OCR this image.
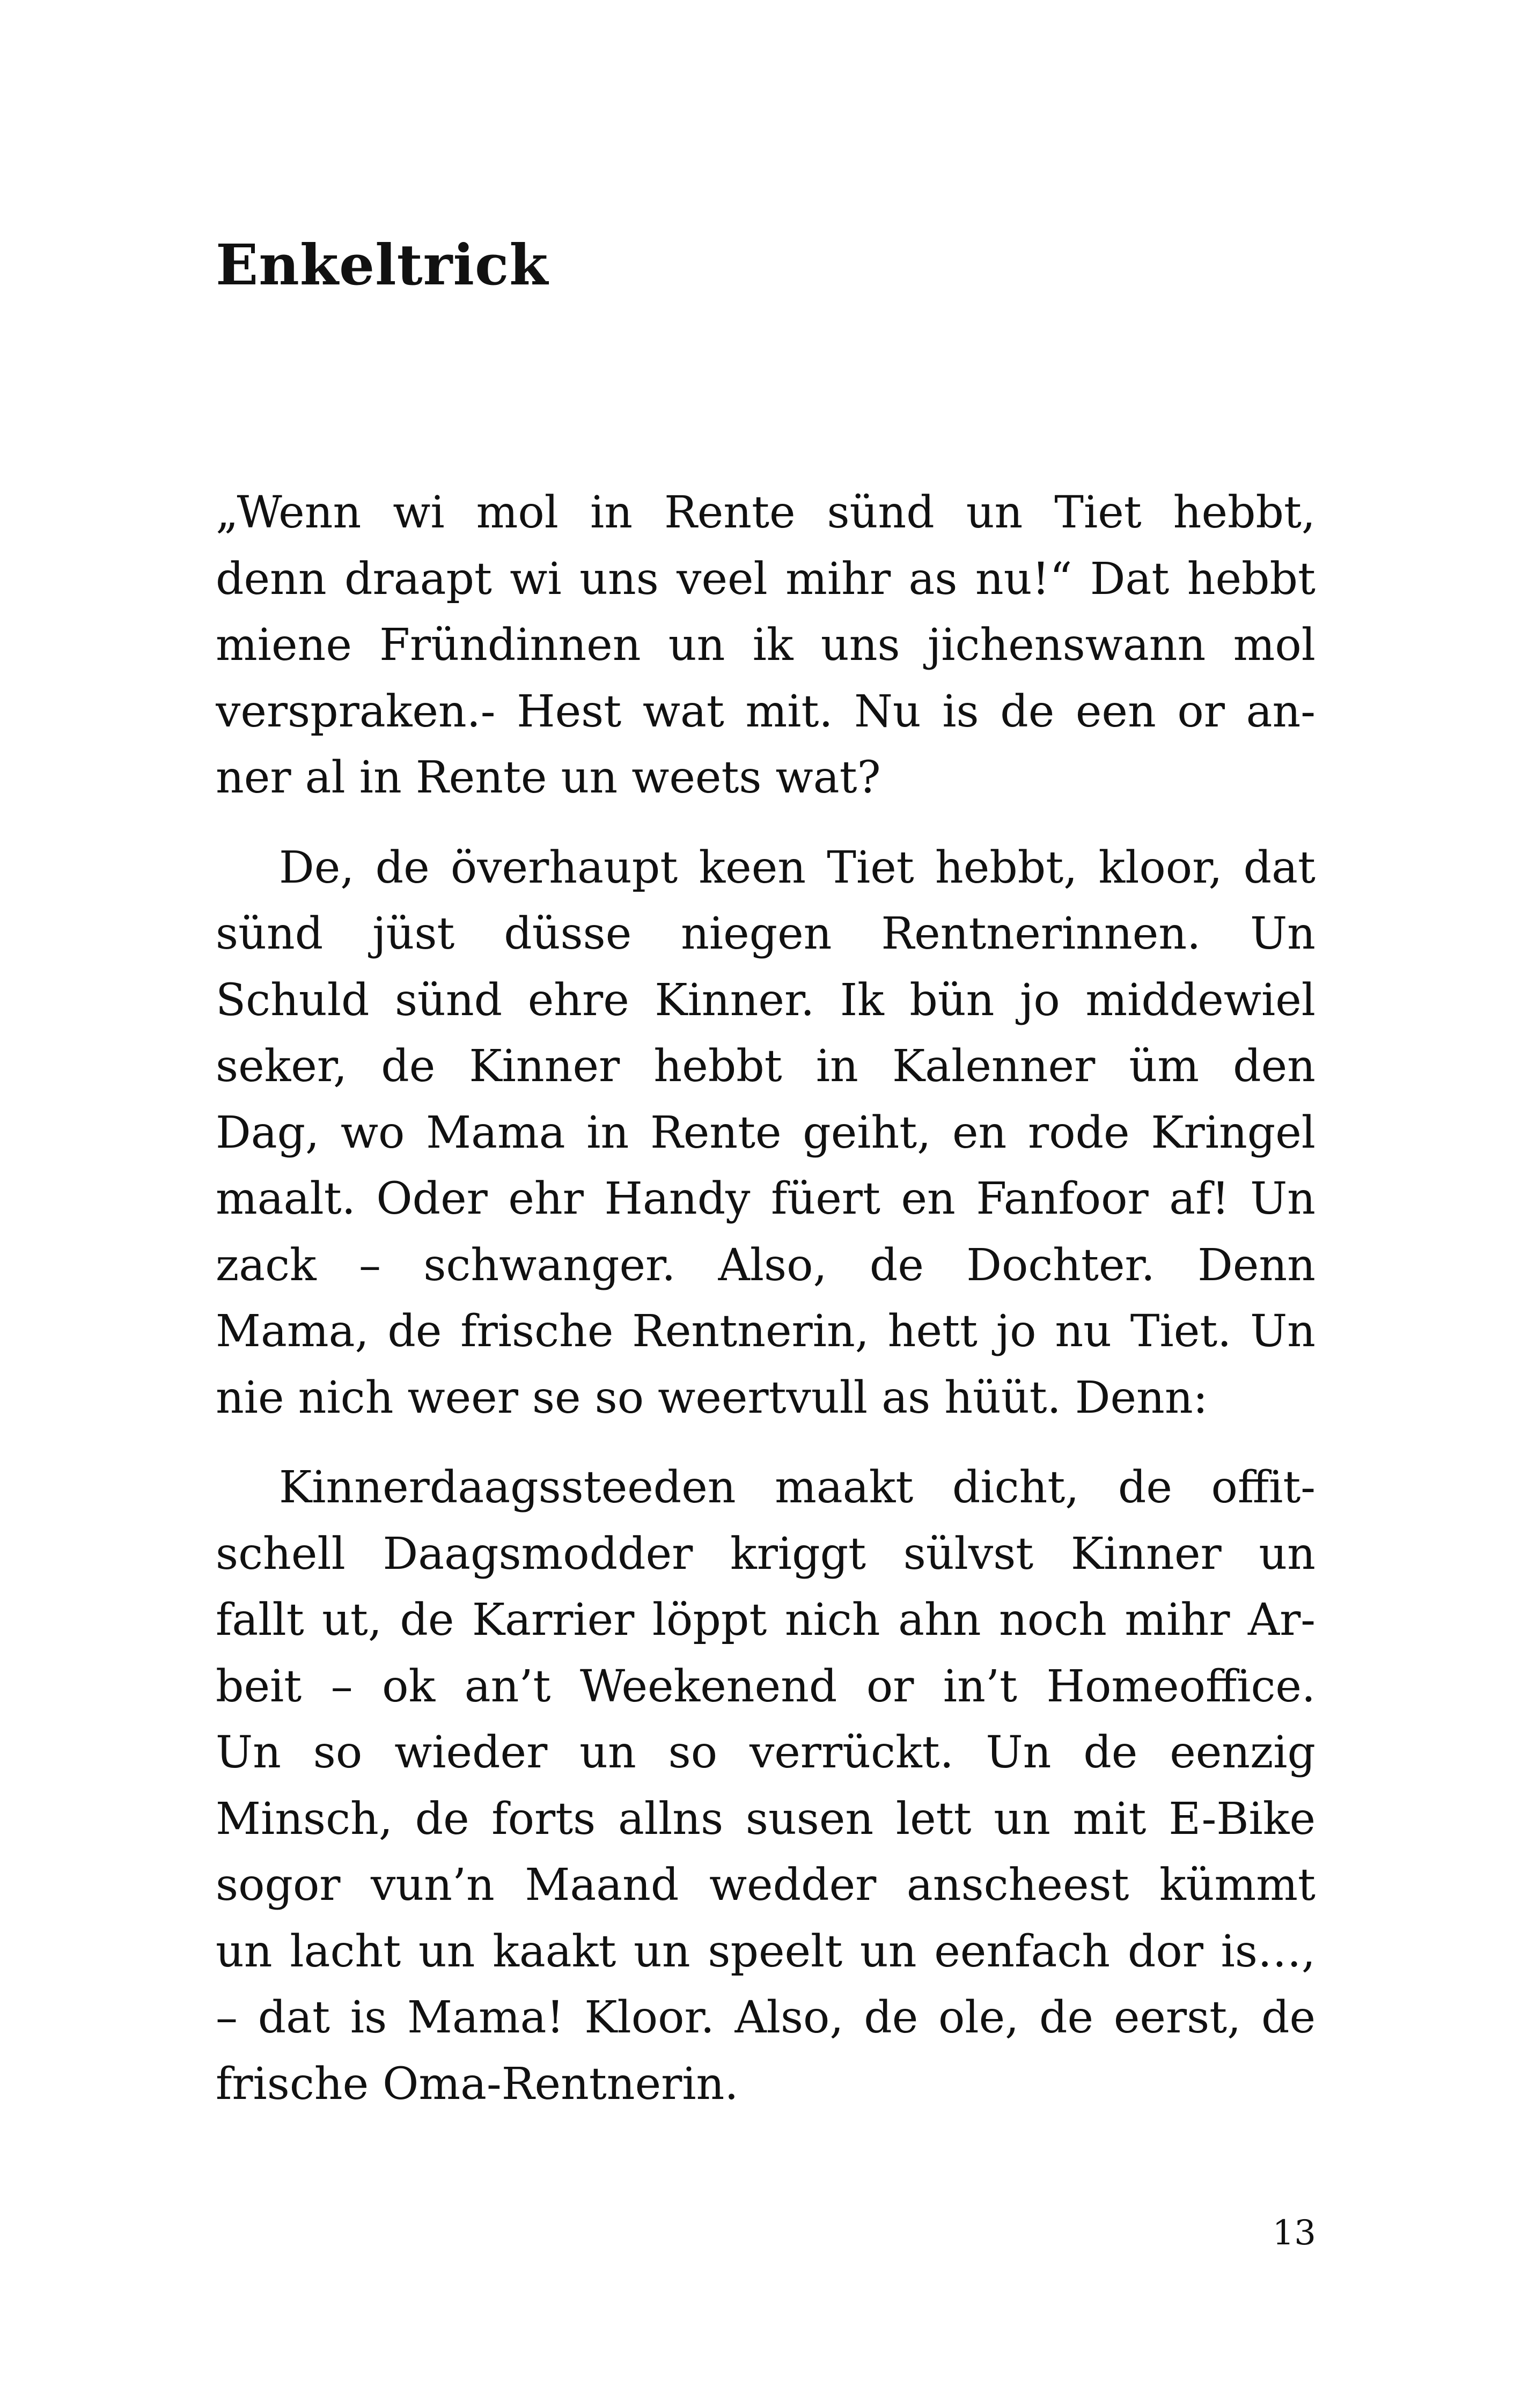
Enkeltrick
„Wenn wi mol in Rente sünd un Tiet hebbt,
denn draapt wi uns veel mihr as nu!“ Dat hebbt
miene Fründinnen un ik uns jichenswann mol
verspraken.- Hest wat mit. Nu is de een or an-
ner al in Rente un weets wat?
De, de överhaupt keen Tiet hebbt, kloor, dat
sünd jüst düsse niegen Rentnerinnen. Un
Schuld sünd ehre Kinner. Ik bün jo middewiel
seker, de Kinner hebbt in Kalenner üm den
Dag, wo Mama in Rente geiht, en rode Kringel
maalt. Oder ehr Handy füert en Fanfoor af! Un
zack – schwanger. Also, de Dochter. Denn
Mama, de frische Rentnerin, hett jo nu Tiet. Un
nie nich weer se so weertvull as hüüt. Denn:
Kinnerdaagssteeden maakt dicht, de offit-
schell Daagsmodder kriggt sülvst Kinner un
fallt ut, de Karrier löppt nich ahn noch mihr Ar-
beit – ok an’t Weekenend or in’t Homeoffice.
Un so wieder un so verrückt. Un de eenzig
Minsch, de forts allns susen lett un mit E-Bike
sogor vun’n Maand wedder anscheest kümmt
un lacht un kaakt un speelt un eenfach dor is…,
– dat is Mama! Kloor. Also, de ole, de eerst, de
frische Oma-Rentnerin.
13
